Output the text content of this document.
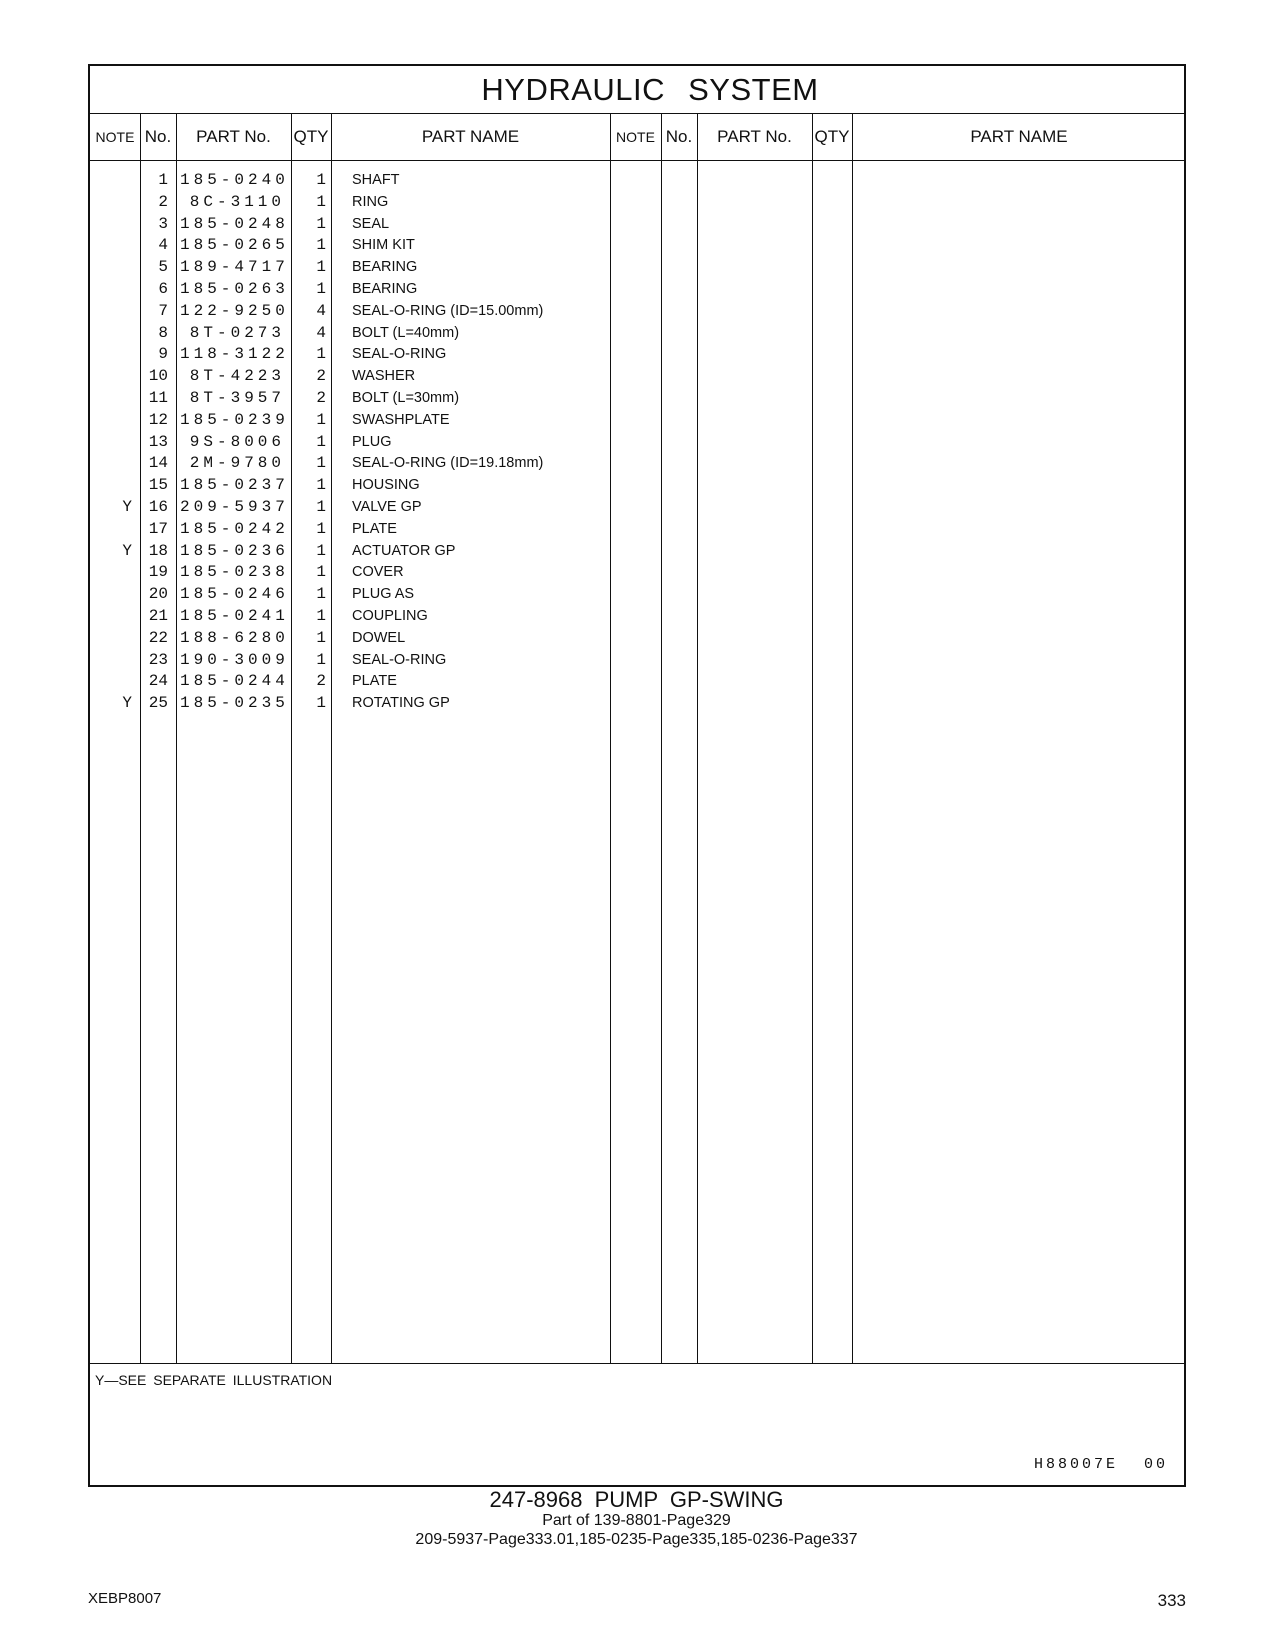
HYDRAULIC SYSTEM
NOTE No.	PART No.	QTY	PART NAME	NOTE No.	PART No.	QTY	PART NAME
1 185-0240	1 SHAFT
2	8C-3110	1 RING
3 185-0248	1 SEAL
4 185-0265	1 SHIM KIT
5 189-4717	1 BEARING
6 185-0263	1 BEARING
7 122-9250	4 SEAL-O-RING (ID=15.00mm)
8	8T-0273	4 BOLT (L=40mm)
9 118-3122	1 SEAL-O-RING
10	8T-4223	2 WASHER
11	8T-3957	2 BOLT (L=30mm)
12 185-0239	1 SWASHPLATE
13	9S-8006	1 PLUG
14	2M-9780	1 SEAL-O-RING (ID=19.18mm)
15 185-0237	1 HOUSING
Y	16 209-5937	1 VALVE GP
17 185-0242	1 PLATE
Y	18 185-0236	1 ACTUATOR GP
19 185-0238	1 COVER
20 185-0246	1 PLUG AS
21 185-0241	1 COUPLING
22 188-6280	1 DOWEL
23 190-3009	1 SEAL-O-RING
24 185-0244	2 PLATE
Y	25 185-0235	1 ROTATING GP
Y—SEE SEPARATE ILLUSTRATION
H88007E 00
247-8968 PUMP GP-SWING
Part of 139-8801-Page329
209-5937-Page333.01,185-0235-Page335,185-0236-Page337
XEBP8007	333
